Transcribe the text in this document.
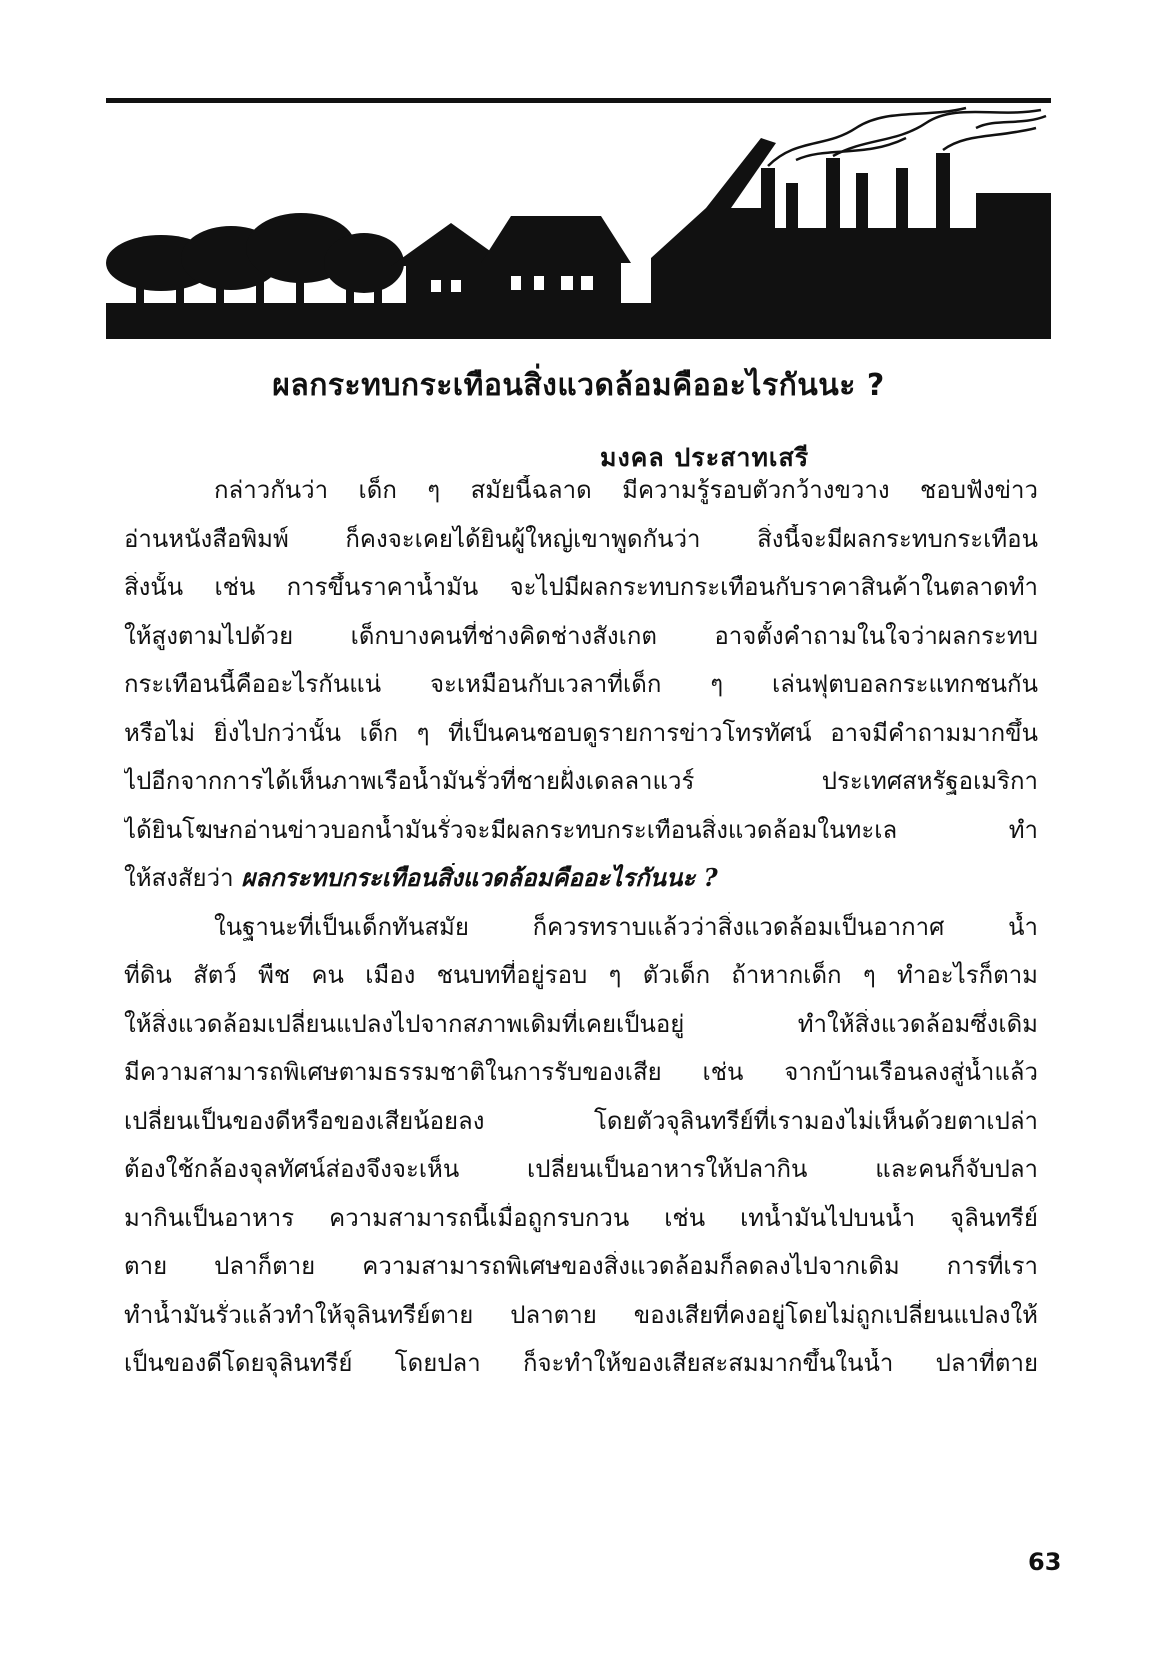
ผลกระทบกระเทือนสิ่งแวดล้อมคืออะไรกันนะ ?

มงคล ประสาทเสรี

กล่าวกันว่า เด็ก ๆ สมัยนี้ฉลาด มีความรู้รอบตัวกว้างขวาง ชอบฟังข่าว
อ่านหนังสือพิมพ์ ก็คงจะเคยได้ยินผู้ใหญ่เขาพูดกันว่า สิ่งนี้จะมีผลกระทบกระเทือน
สิ่งนั้น เช่น การขึ้นราคาน้ำมัน จะไปมีผลกระทบกระเทือนกับราคาสินค้าในตลาดทำ
ให้สูงตามไปด้วย เด็กบางคนที่ช่างคิดช่างสังเกต อาจตั้งคำถามในใจว่าผลกระทบ
กระเทือนนี้คืออะไรกันแน่ จะเหมือนกับเวลาที่เด็ก ๆ เล่นฟุตบอลกระแทกชนกัน
หรือไม่ ยิ่งไปกว่านั้น เด็ก ๆ ที่เป็นคนชอบดูรายการข่าวโทรทัศน์ อาจมีคำถามมากขึ้น
ไปอีกจากการได้เห็นภาพเรือน้ำมันรั่วที่ชายฝั่งเดลลาแวร์ ประเทศสหรัฐอเมริกา
ได้ยินโฆษกอ่านข่าวบอกน้ำมันรั่วจะมีผลกระทบกระเทือนสิ่งแวดล้อมในทะเล ทำ
ให้สงสัยว่า ผลกระทบกระเทือนสิ่งแวดล้อมคืออะไรกันนะ ?
ในฐานะที่เป็นเด็กทันสมัย ก็ควรทราบแล้วว่าสิ่งแวดล้อมเป็นอากาศ น้ำ
ที่ดิน สัตว์ พืช คน เมือง ชนบทที่อยู่รอบ ๆ ตัวเด็ก ถ้าหากเด็ก ๆ ทำอะไรก็ตาม
ให้สิ่งแวดล้อมเปลี่ยนแปลงไปจากสภาพเดิมที่เคยเป็นอยู่ ทำให้สิ่งแวดล้อมซึ่งเดิม
มีความสามารถพิเศษตามธรรมชาติในการรับของเสีย เช่น จากบ้านเรือนลงสู่น้ำแล้ว
เปลี่ยนเป็นของดีหรือของเสียน้อยลง โดยตัวจุลินทรีย์ที่เรามองไม่เห็นด้วยตาเปล่า
ต้องใช้กล้องจุลทัศน์ส่องจึงจะเห็น เปลี่ยนเป็นอาหารให้ปลากิน และคนก็จับปลา
มากินเป็นอาหาร ความสามารถนี้เมื่อถูกรบกวน เช่น เทน้ำมันไปบนน้ำ จุลินทรีย์
ตาย ปลาก็ตาย ความสามารถพิเศษของสิ่งแวดล้อมก็ลดลงไปจากเดิม การที่เรา
ทำน้ำมันรั่วแล้วทำให้จุลินทรีย์ตาย ปลาตาย ของเสียที่คงอยู่โดยไม่ถูกเปลี่ยนแปลงให้
เป็นของดีโดยจุลินทรีย์ โดยปลา ก็จะทำให้ของเสียสะสมมากขึ้นในน้ำ ปลาที่ตาย
63
